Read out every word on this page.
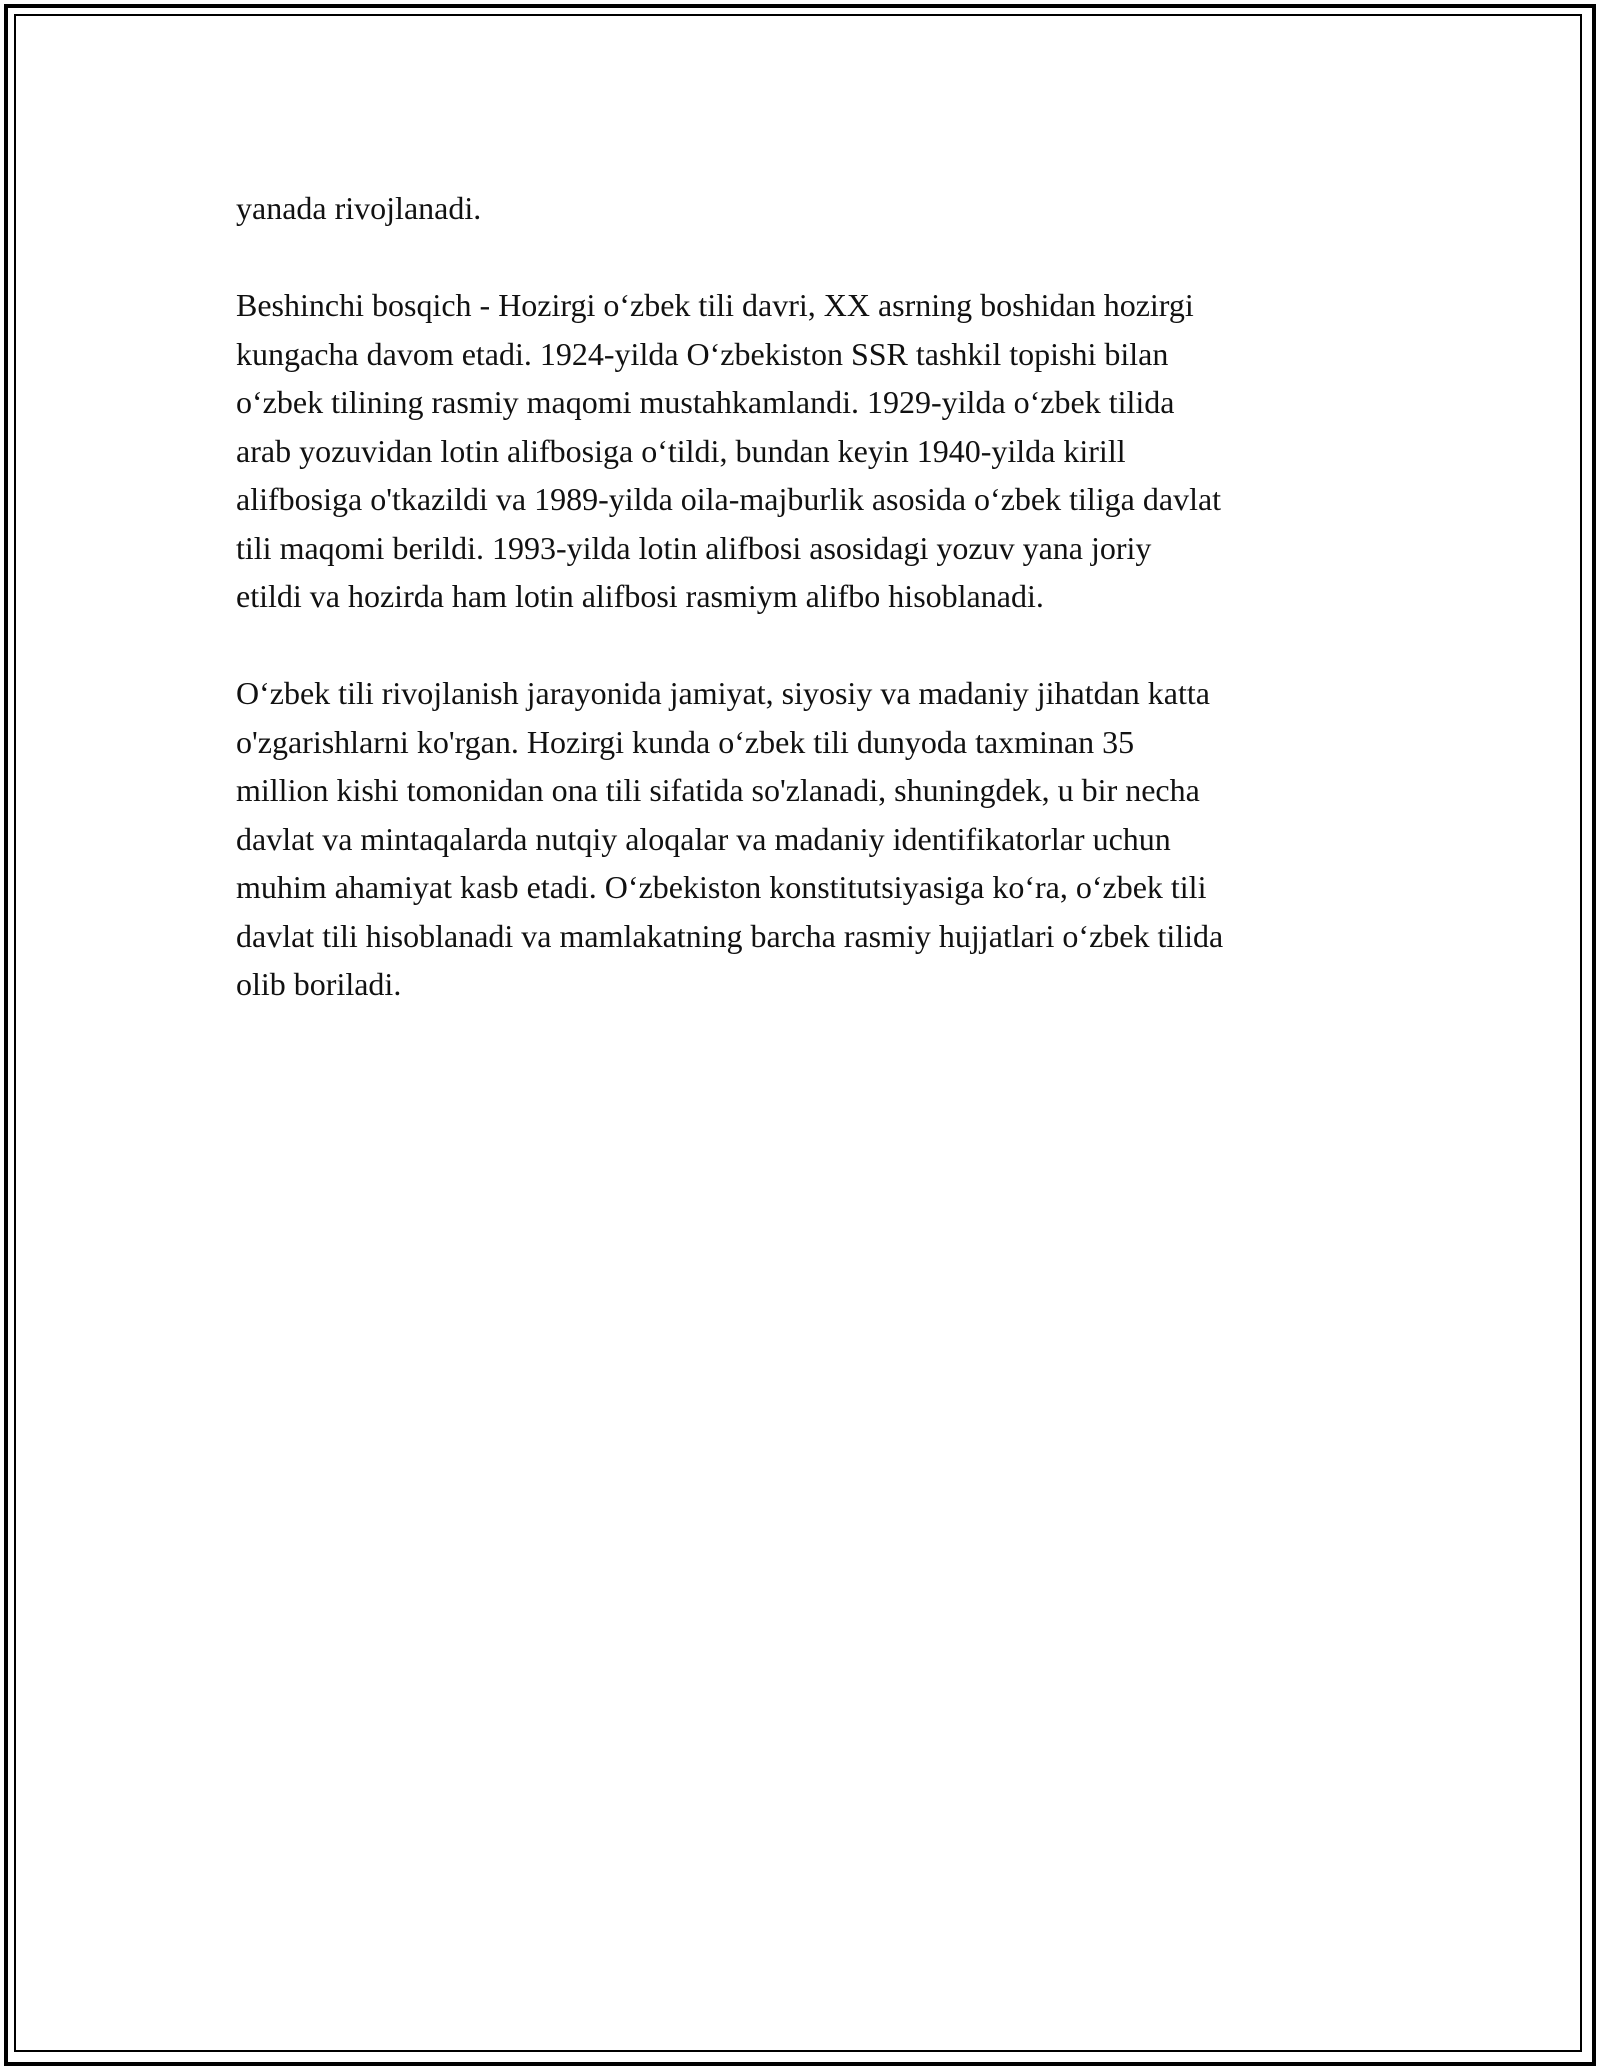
yanada rivojlanadi.

Beshinchi bosqich - Hozirgi o‘zbek tili davri, XX asrning boshidan hozirgi
kungacha davom etadi. 1924-yilda O‘zbekiston SSR tashkil topishi bilan
o‘zbek tilining rasmiy maqomi mustahkamlandi. 1929-yilda o‘zbek tilida
arab yozuvidan lotin alifbosiga o‘tildi, bundan keyin 1940-yilda kirill
alifbosiga o'tkazildi va 1989-yilda oila-majburlik asosida o‘zbek tiliga davlat
tili maqomi berildi. 1993-yilda lotin alifbosi asosidagi yozuv yana joriy
etildi va hozirda ham lotin alifbosi rasmiym alifbo hisoblanadi.

O‘zbek tili rivojlanish jarayonida jamiyat, siyosiy va madaniy jihatdan katta
o'zgarishlarni ko'rgan. Hozirgi kunda o‘zbek tili dunyoda taxminan 35
million kishi tomonidan ona tili sifatida so'zlanadi, shuningdek, u bir necha
davlat va mintaqalarda nutqiy aloqalar va madaniy identifikatorlar uchun
muhim ahamiyat kasb etadi. O‘zbekiston konstitutsiyasiga ko‘ra, o‘zbek tili
davlat tili hisoblanadi va mamlakatning barcha rasmiy hujjatlari o‘zbek tilida
olib boriladi.
